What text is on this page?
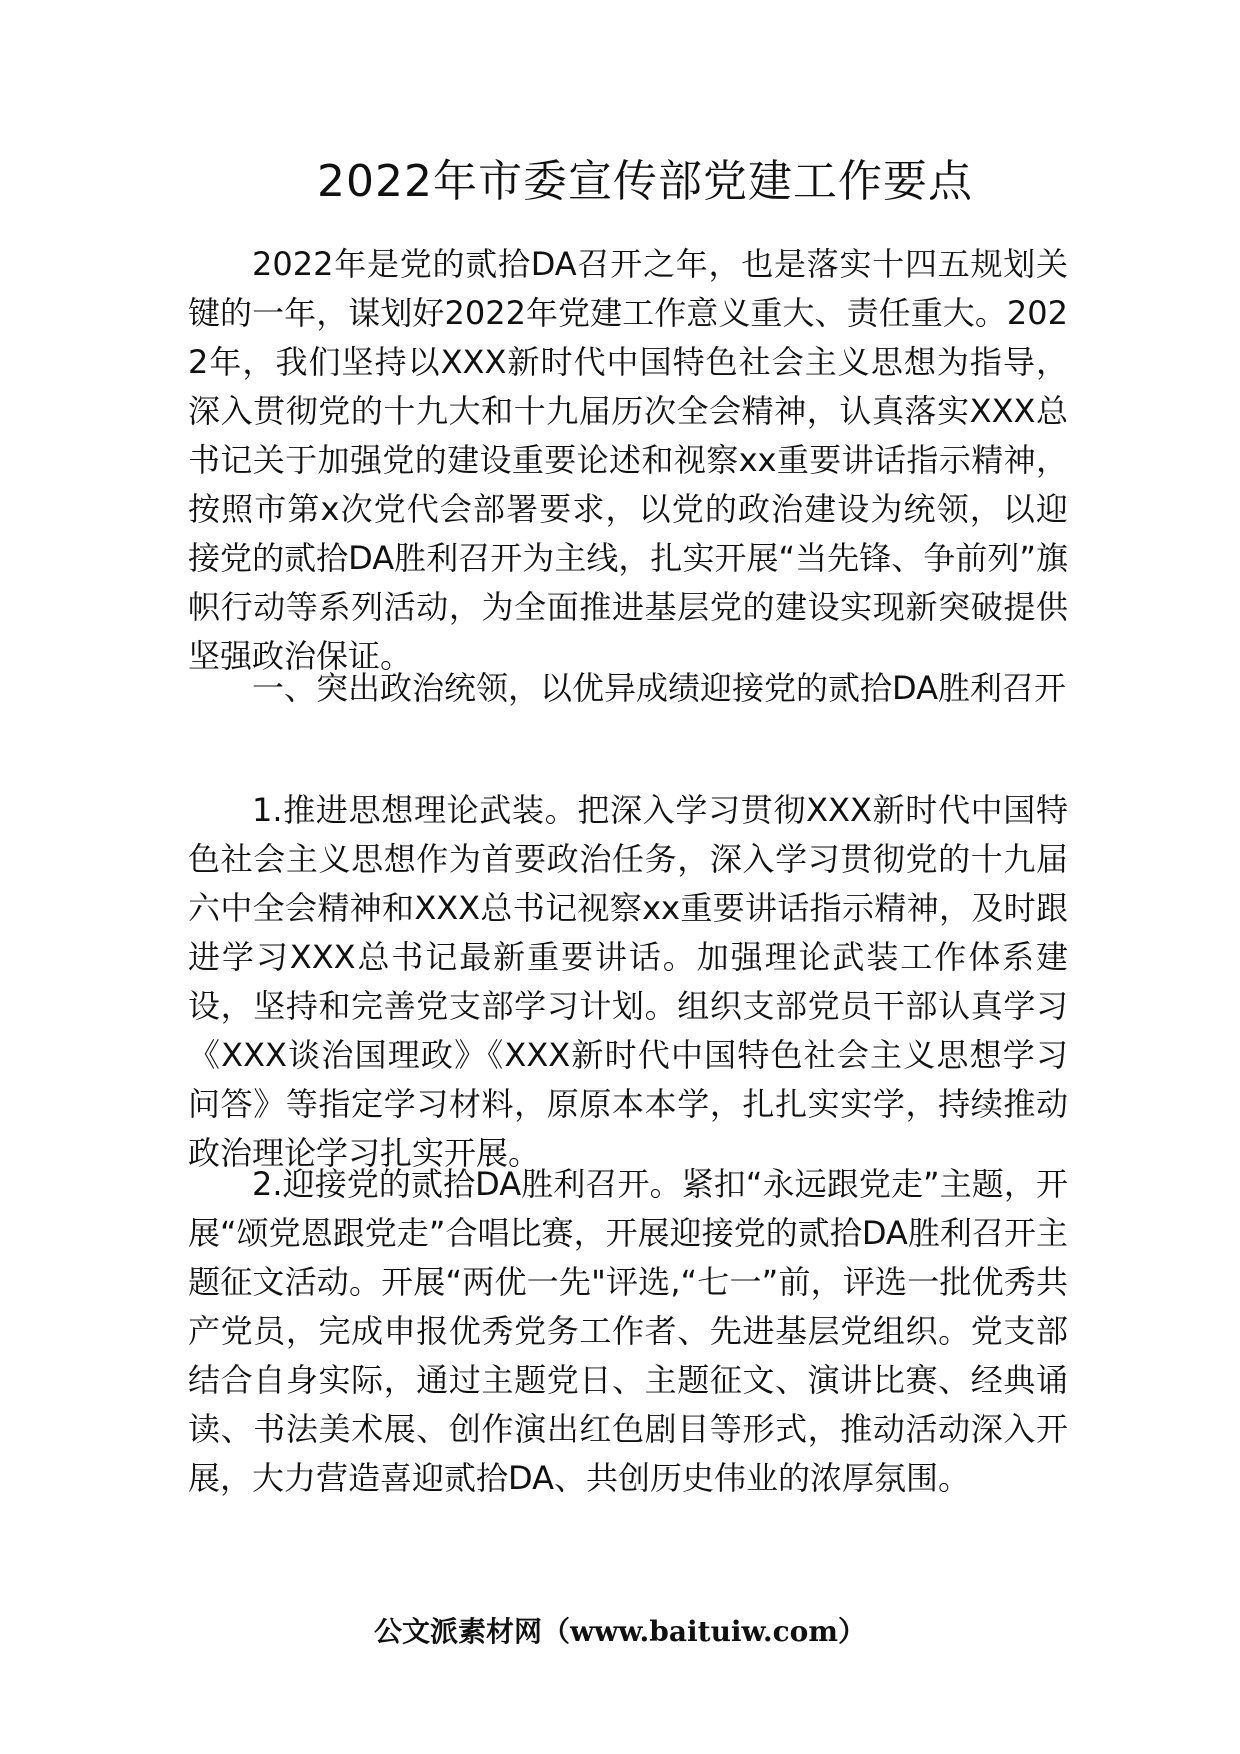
2022年市委宣传部党建工作要点

2022年是党的贰拾DA召开之年，也是落实十四五规划关键的一年，谋划好2022年党建工作意义重大、责任重大。2022年，我们坚持以XXX新时代中国特色社会主义思想为指导，深入贯彻党的十九大和十九届历次全会精神，认真落实XXX总书记关于加强党的建设重要论述和视察xx重要讲话指示精神，按照市第x次党代会部署要求，以党的政治建设为统领，以迎接党的贰拾DA胜利召开为主线，扎实开展“当先锋、争前列”旗帜行动等系列活动，为全面推进基层党的建设实现新突破提供坚强政治保证。

一、突出政治统领，以优异成绩迎接党的贰拾DA胜利召开

1.推进思想理论武装。把深入学习贯彻XXX新时代中国特色社会主义思想作为首要政治任务，深入学习贯彻党的十九届六中全会精神和XXX总书记视察xx重要讲话指示精神，及时跟进学习XXX总书记最新重要讲话。加强理论武装工作体系建设，坚持和完善党支部学习计划。组织支部党员干部认真学习《XXX谈治国理政》《XXX新时代中国特色社会主义思想学习问答》等指定学习材料，原原本本学，扎扎实实学，持续推动政治理论学习扎实开展。

2.迎接党的贰拾DA胜利召开。紧扣“永远跟党走”主题，开展“颂党恩跟党走”合唱比赛，开展迎接党的贰拾DA胜利召开主题征文活动。开展“两优一先"评选,“七一”前，评选一批优秀共产党员，完成申报优秀党务工作者、先进基层党组织。党支部结合自身实际，通过主题党日、主题征文、演讲比赛、经典诵读、书法美术展、创作演出红色剧目等形式，推动活动深入开展，大力营造喜迎贰拾DA、共创历史伟业的浓厚氛围。

公文派素材网（www.baituiw.com）
